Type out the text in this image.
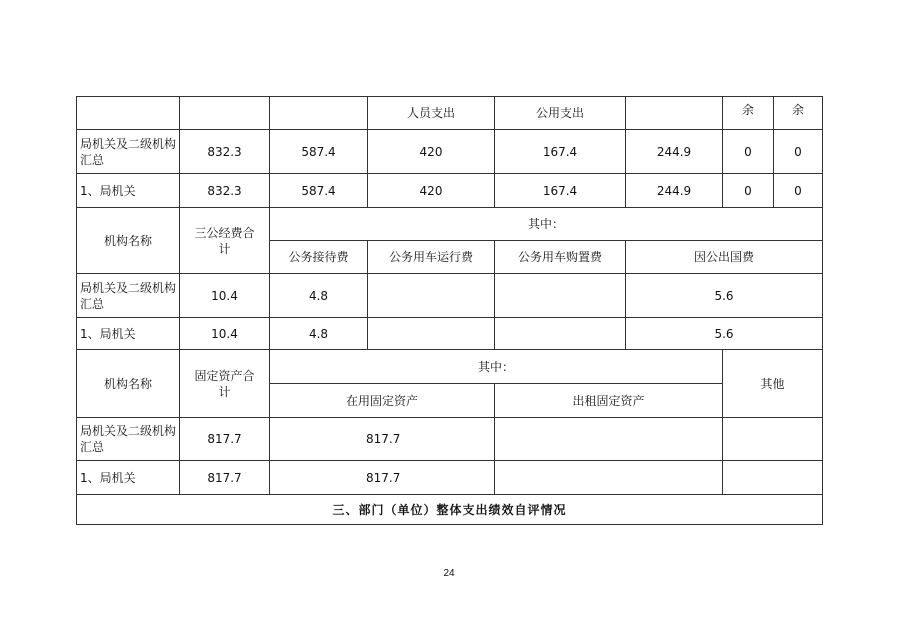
			人员支出	公用支出		余	余
局机关及二级机构汇总	832.3	587.4	420	167.4	244.9	0	0
1、局机关	832.3	587.4	420	167.4	244.9	0	0
机构名称	三公经费合计	其中：					
		公务接待费	公务用车运行费	公务用车购置费	因公出国费		
局机关及二级机构汇总	10.4	4.8			5.6		
1、局机关	10.4	4.8			5.6		
机构名称	固定资产合计	其中：				其他	
		在用固定资产		出租固定资产			
局机关及二级机构汇总	817.7	817.7					
1、局机关	817.7	817.7					
三、部门（单位）整体支出绩效自评情况							
24
